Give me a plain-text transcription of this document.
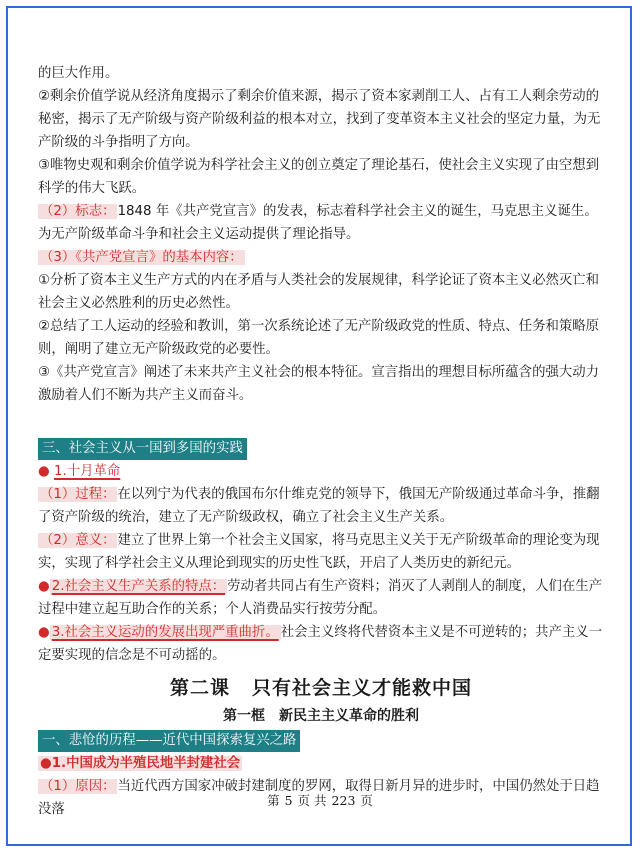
的巨大作用。

②剩余价值学说从经济角度揭示了剩余价值来源，揭示了资本家剥削工人、占有工人剩余劳动的秘密，揭示了无产阶级与资产阶级利益的根本对立，找到了变革资本主义社会的坚定力量，为无产阶级的斗争指明了方向。

③唯物史观和剩余价值学说为科学社会主义的创立奠定了理论基石，使社会主义实现了由空想到科学的伟大飞跃。

（2）标志： 1848 年《共产党宣言》的发表，标志着科学社会主义的诞生，马克思主义诞生。为无产阶级革命斗争和社会主义运动提供了理论指导。

（3）《共产党宣言》的基本内容：

①分析了资本主义生产方式的内在矛盾与人类社会的发展规律，科学论证了资本主义必然灭亡和社会主义必然胜利的历史必然性。

②总结了工人运动的经验和教训，第一次系统论述了无产阶级政党的性质、特点、任务和策略原则，阐明了建立无产阶级政党的必要性。

③《共产党宣言》阐述了未来共产主义社会的根本特征。宣言指出的理想目标所蕴含的强大动力激励着人们不断为共产主义而奋斗。

三、社会主义从一国到多国的实践

● 1.十月革命

（1）过程： 在以列宁为代表的俄国布尔什维克党的领导下，俄国无产阶级通过革命斗争，推翻了资产阶级的统治，建立了无产阶级政权，确立了社会主义生产关系。

（2）意义： 建立了世界上第一个社会主义国家，将马克思主义关于无产阶级革命的理论变为现实，实现了科学社会主义从理论到现实的历史性飞跃，开启了人类历史的新纪元。

● 2.社会主义生产关系的特点： 劳动者共同占有生产资料；消灭了人剥削人的制度，人们在生产过程中建立起互助合作的关系；个人消费品实行按劳分配。

● 3.社会主义运动的发展出现严重曲折。 社会主义终将代替资本主义是不可逆转的；共产主义一定要实现的信念是不可动摇的。

第二课 只有社会主义才能救中国
第一框 新民主主义革命的胜利

一、悲怆的历程——近代中国探索复兴之路

●1.中国成为半殖民地半封建社会

（1）原因： 当近代西方国家冲破封建制度的罗网，取得日新月异的进步时，中国仍然处于日趋没落

第 5 页 共 223 页
